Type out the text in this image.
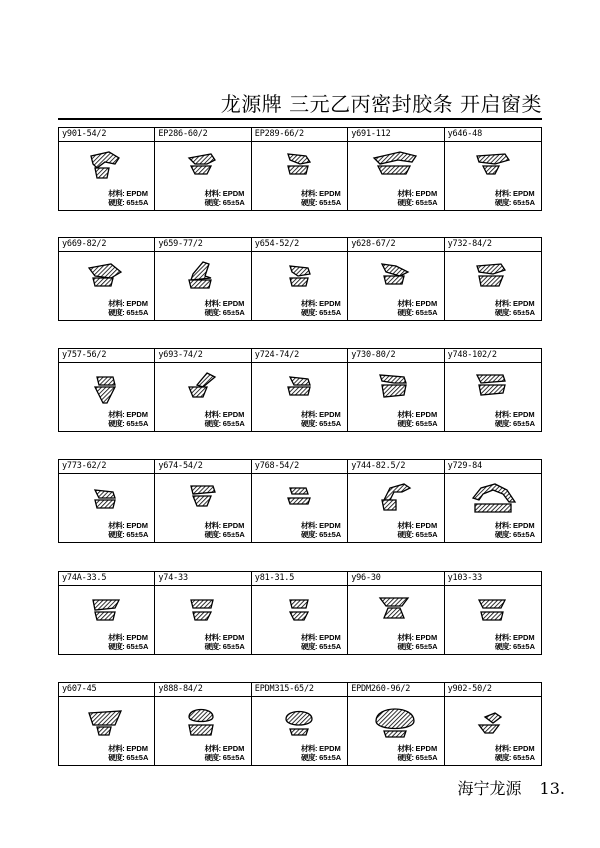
龙源牌 三元乙丙密封胶条 开启窗类
y901-54/2
材料: EPDM
硬度: 65±5A
EP286-60/2
材料: EPDM
硬度: 65±5A
EP289-66/2
材料: EPDM
硬度: 65±5A
y691-112
材料: EPDM
硬度: 65±5A
y646-48
材料: EPDM
硬度: 65±5A
y669-82/2
材料: EPDM
硬度: 65±5A
y659-77/2
材料: EPDM
硬度: 65±5A
y654-52/2
材料: EPDM
硬度: 65±5A
y628-67/2
材料: EPDM
硬度: 65±5A
y732-84/2
材料: EPDM
硬度: 65±5A
y757-56/2
材料: EPDM
硬度: 65±5A
y693-74/2
材料: EPDM
硬度: 65±5A
y724-74/2
材料: EPDM
硬度: 65±5A
y730-80/2
材料: EPDM
硬度: 65±5A
y748-102/2
材料: EPDM
硬度: 65±5A
y773-62/2
材料: EPDM
硬度: 65±5A
y674-54/2
材料: EPDM
硬度: 65±5A
y768-54/2
材料: EPDM
硬度: 65±5A
y744-82.5/2
材料: EPDM
硬度: 65±5A
y729-84
材料: EPDM
硬度: 65±5A
y74A-33.5
材料: EPDM
硬度: 65±5A
y74-33
材料: EPDM
硬度: 65±5A
y81-31.5
材料: EPDM
硬度: 65±5A
y96-30
材料: EPDM
硬度: 65±5A
y103-33
材料: EPDM
硬度: 65±5A
y607-45
材料: EPDM
硬度: 65±5A
y888-84/2
材料: EPDM
硬度: 65±5A
EPDM315-65/2
材料: EPDM
硬度: 65±5A
EPDM260-96/2
材料: EPDM
硬度: 65±5A
y902-50/2
材料: EPDM
硬度: 65±5A
海宁龙源 13.
